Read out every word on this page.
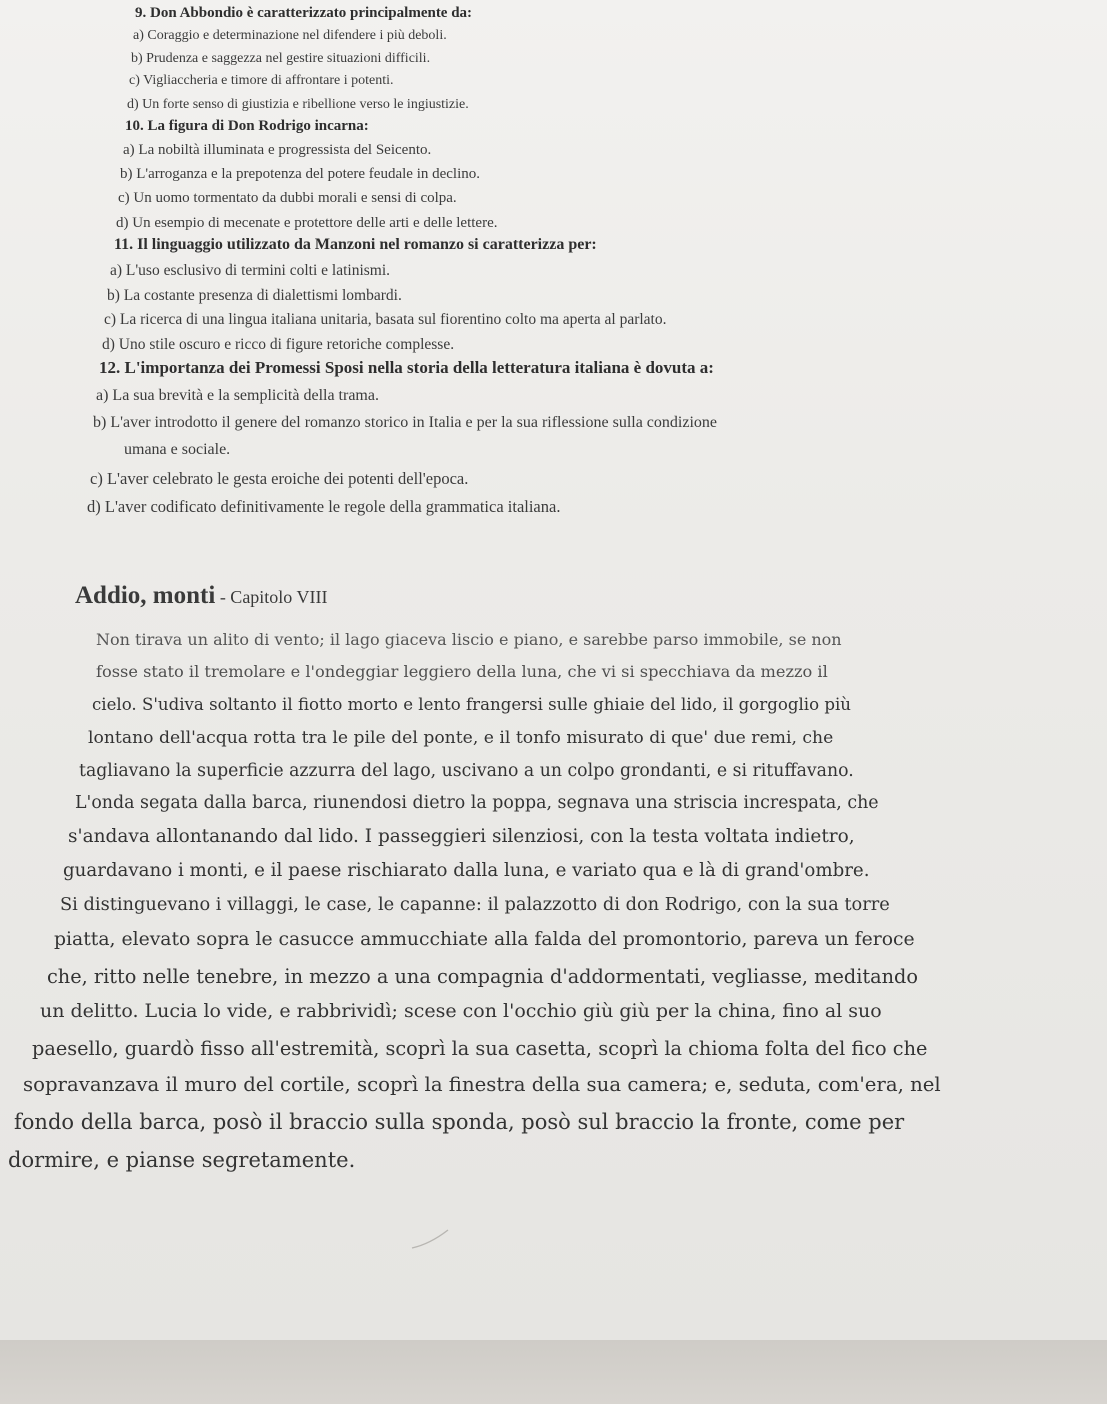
9. Don Abbondio è caratterizzato principalmente da:
a) Coraggio e determinazione nel difendere i più deboli.
b) Prudenza e saggezza nel gestire situazioni difficili.
c) Vigliaccheria e timore di affrontare i potenti.
d) Un forte senso di giustizia e ribellione verso le ingiustizie.
10. La figura di Don Rodrigo incarna:
a) La nobiltà illuminata e progressista del Seicento.
b) L'arroganza e la prepotenza del potere feudale in declino.
c) Un uomo tormentato da dubbi morali e sensi di colpa.
d) Un esempio di mecenate e protettore delle arti e delle lettere.
11. Il linguaggio utilizzato da Manzoni nel romanzo si caratterizza per:
a) L'uso esclusivo di termini colti e latinismi.
b) La costante presenza di dialettismi lombardi.
c) La ricerca di una lingua italiana unitaria, basata sul fiorentino colto ma aperta al parlato.
d) Uno stile oscuro e ricco di figure retoriche complesse.
12. L'importanza dei Promessi Sposi nella storia della letteratura italiana è dovuta a:
a) La sua brevità e la semplicità della trama.
b) L'aver introdotto il genere del romanzo storico in Italia e per la sua riflessione sulla condizione
umana e sociale.
c) L'aver celebrato le gesta eroiche dei potenti dell'epoca.
d) L'aver codificato definitivamente le regole della grammatica italiana.
Addio, monti - Capitolo VIII
Non tirava un alito di vento; il lago giaceva liscio e piano, e sarebbe parso immobile, se non
fosse stato il tremolare e l'ondeggiar leggiero della luna, che vi si specchiava da mezzo il
cielo. S'udiva soltanto il fiotto morto e lento frangersi sulle ghiaie del lido, il gorgoglio più
lontano dell'acqua rotta tra le pile del ponte, e il tonfo misurato di que' due remi, che
tagliavano la superficie azzurra del lago, uscivano a un colpo grondanti, e si rituffavano.
L'onda segata dalla barca, riunendosi dietro la poppa, segnava una striscia increspata, che
s'andava allontanando dal lido. I passeggieri silenziosi, con la testa voltata indietro,
guardavano i monti, e il paese rischiarato dalla luna, e variato qua e là di grand'ombre.
Si distinguevano i villaggi, le case, le capanne: il palazzotto di don Rodrigo, con la sua torre
piatta, elevato sopra le casucce ammucchiate alla falda del promontorio, pareva un feroce
che, ritto nelle tenebre, in mezzo a una compagnia d'addormentati, vegliasse, meditando
un delitto. Lucia lo vide, e rabbrividì; scese con l'occhio giù giù per la china, fino al suo
paesello, guardò fisso all'estremità, scoprì la sua casetta, scoprì la chioma folta del fico che
sopravanzava il muro del cortile, scoprì la finestra della sua camera; e, seduta, com'era, nel
fondo della barca, posò il braccio sulla sponda, posò sul braccio la fronte, come per
dormire, e pianse segretamente.
